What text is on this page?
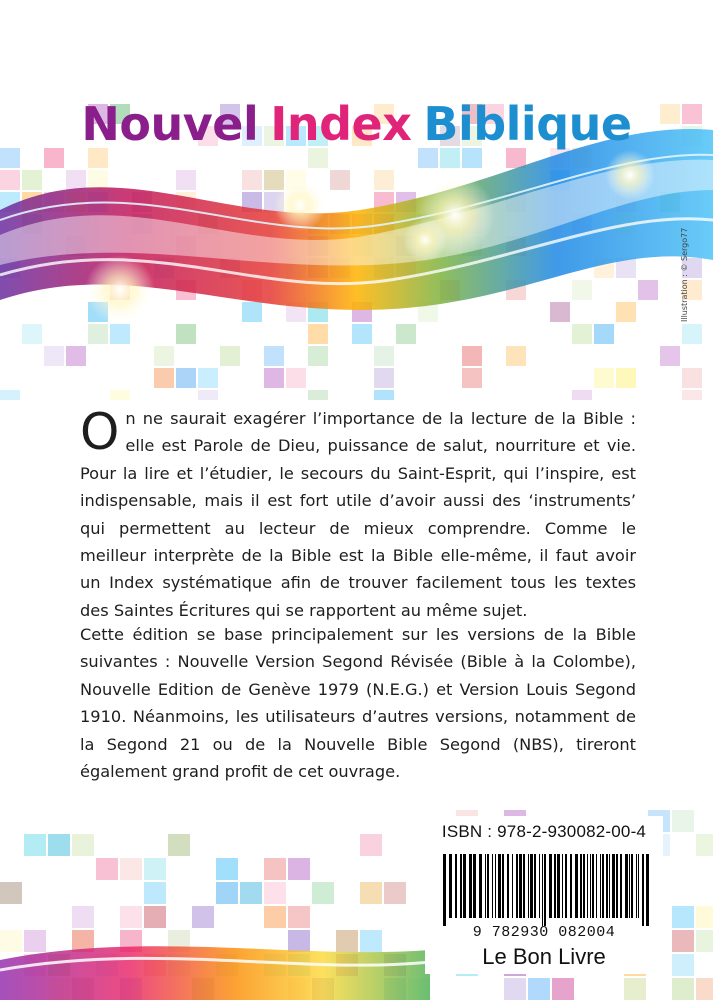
Nouvel Index Biblique
Illustration : © Sergo77
On ne saurait exagérer l’importance de la lecture de la Bible : elle est Parole de Dieu, puissance de salut, nourriture et vie. Pour la lire et l’étudier, le secours du Saint-Esprit, qui l’inspire, est indispensable, mais il est fort utile d’avoir aussi des ‘instruments’ qui permettent au lecteur de mieux comprendre. Comme le meilleur interprète de la Bible est la Bible elle-même, il faut avoir un Index systématique afin de trouver facilement tous les textes des Saintes Écritures qui se rapportent au même sujet.
Cette édition se base principalement sur les versions de la Bible suivantes : Nouvelle Version Segond Révisée (Bible à la Colombe), Nouvelle Edition de Genève 1979 (N.E.G.) et Version Louis Segond 1910. Néanmoins, les utilisateurs d’autres versions, notamment de la Segond 21 ou de la Nouvelle Bible Segond (NBS), tireront également grand profit de cet ouvrage.
ISBN : 978-2-930082-00-4
9 782930 082004
Le Bon Livre
